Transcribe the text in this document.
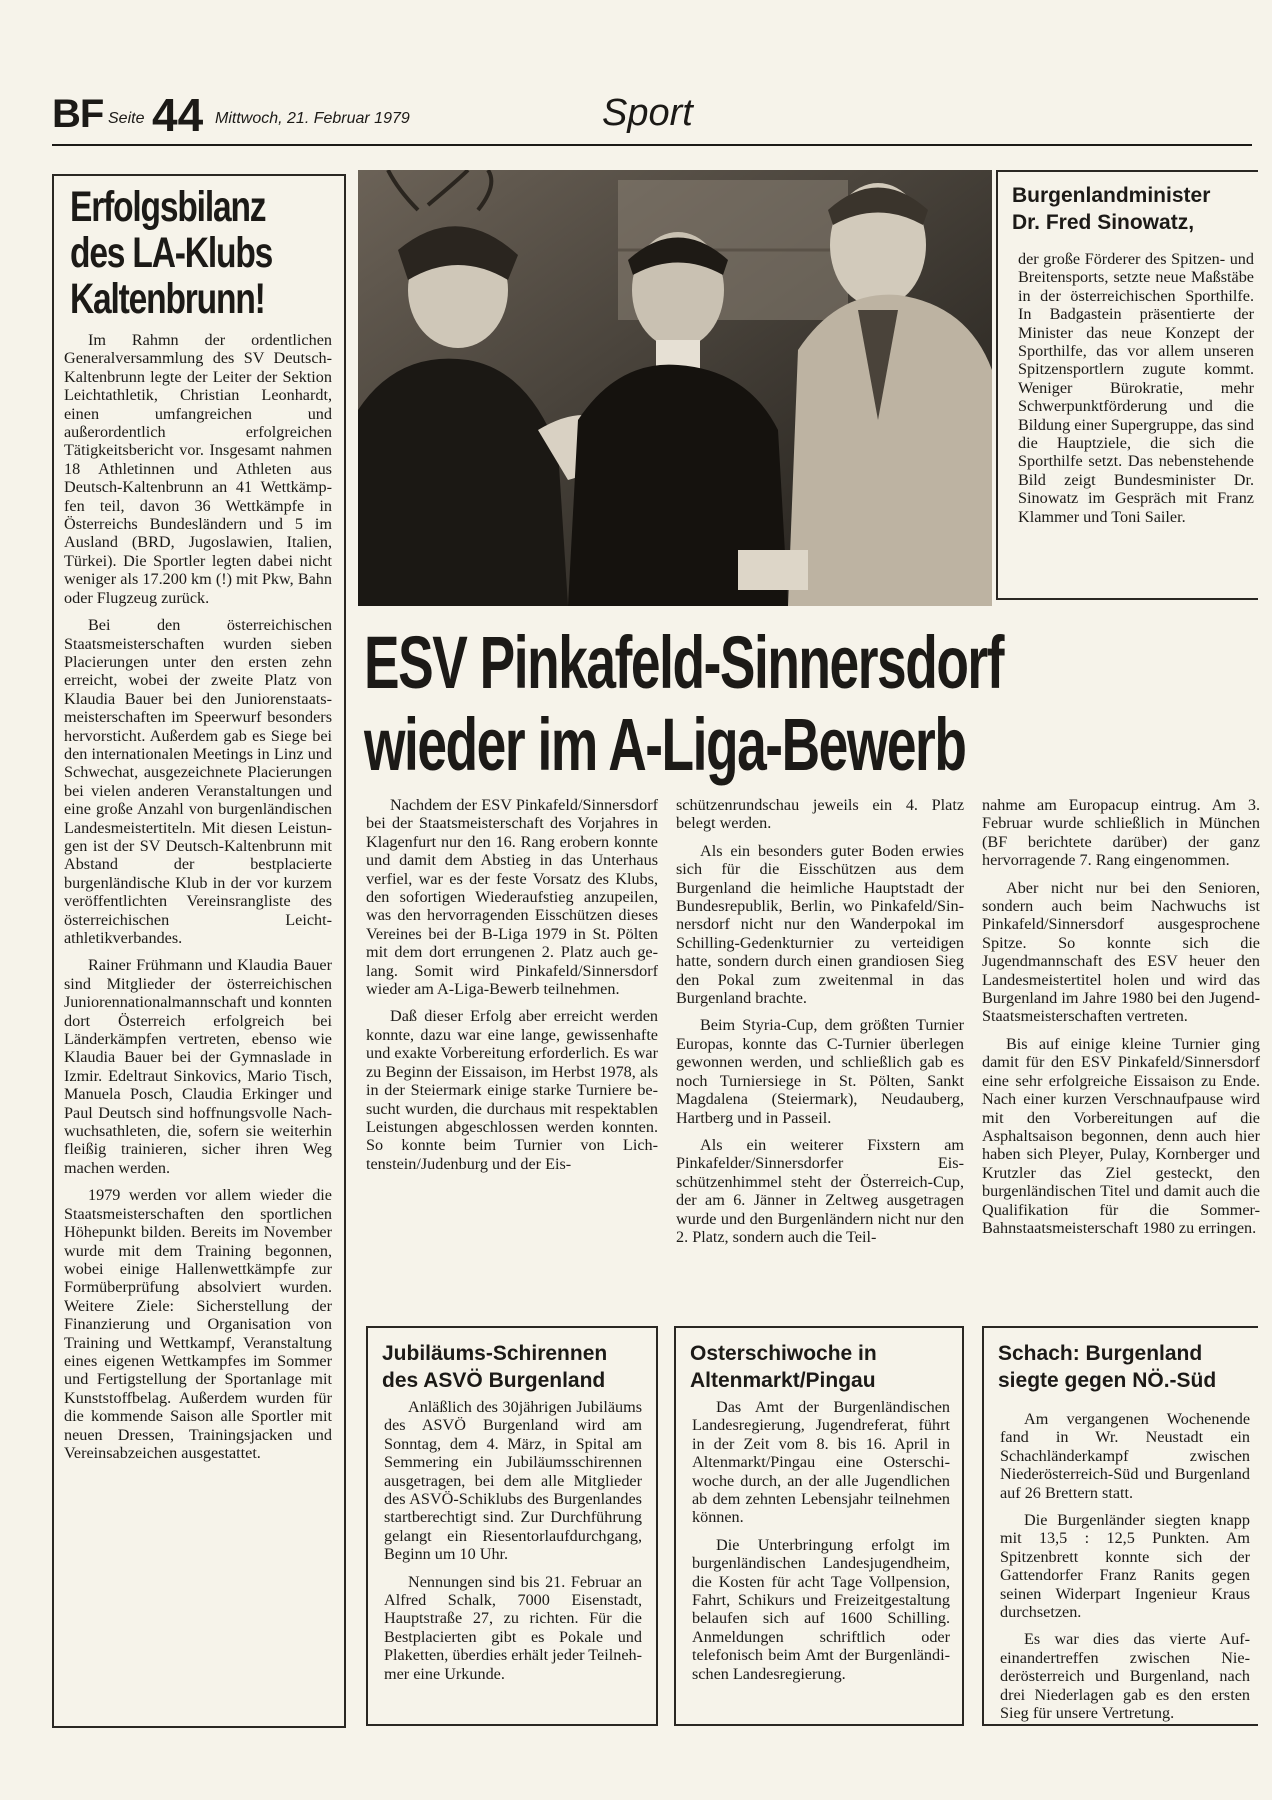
BF Seite 44 Mittwoch, 21. Februar 1979	Sport
Erfolgsbilanz
des LA-Klubs
Kaltenbrunn!

Im Rahmn der ordentlichen Generalversammlung des SV Deutsch-Kaltenbrunn legte der Leiter der Sektion Leichtathletik, Christian Leonhardt, einen umfangreichen und außerordentlich erfolgreichen Tätigkeitsbericht vor. Insgesamt nahmen 18 Athletinnen und Athleten aus Deutsch-Kaltenbrunn an 41 Wettkämpfen teil, davon 36 Wettkämpfe in Österreichs Bundesländern und 5 im Ausland (BRD, Jugoslawien, Italien, Türkei). Die Sportler legten dabei nicht weniger als 17.200 km (!) mit Pkw, Bahn oder Flugzeug zurück.

Bei den österreichischen Staatsmeisterschaften wurden sieben Placierungen unter den ersten zehn erreicht, wobei der zweite Platz von Klaudia Bauer bei den Juniorenstaatsmeisterschaften im Speerwurf besonders hervorsticht. Außerdem gab es Siege bei den internationalen Meetings in Linz und Schwechat, ausgezeichnete Placierungen bei vielen anderen Veranstaltungen und eine große Anzahl von burgenländischen Landesmeistertiteln. Mit diesen Leistungen ist der SV Deutsch-Kaltenbrunn mit Abstand der bestplacierte burgenländische Klub in der vor kurzem veröffentlichten Vereinsrangliste des österreichischen Leichtathletikverbandes.

Rainer Frühmann und Klaudia Bauer sind Mitglieder der österreichischen Juniorennationalmannschaft und konnten dort Österreich erfolgreich bei Länderkämpfen vertreten, ebenso wie Klaudia Bauer bei der Gymnaslade in Izmir. Edeltraut Sinkovics, Mario Tisch, Manuela Posch, Claudia Erkinger und Paul Deutsch sind hoffnungsvolle Nachwuchsathleten, die, sofern sie weiterhin fleißig trainieren, sicher ihren Weg machen werden.

1979 werden vor allem wieder die Staatsmeisterschaften den sportlichen Höhepunkt bilden. Bereits im November wurde mit dem Training begonnen, wobei einige Hallenwettkämpfe zur Formüberprüfung absolviert wurden. Weitere Ziele: Sicherstellung der Finanzierung und Organisation von Training und Wettkampf, Veranstaltung eines eigenen Wettkampfes im Sommer und Fertigstellung der Sportanlage mit Kunststoffbelag. Außerdem wurden für die kommende Saison alle Sportler mit neuen Dressen, Trainingsjacken und Vereinsabzeichen ausgestattet.

Burgenlandminister
Dr. Fred Sinowatz,

der große Förderer des Spitzen- und Breitensports, setzte neue Maßstäbe in der österreichischen Sporthilfe. In Badgastein präsentierte der Minister das neue Konzept der Sporthilfe, das vor allem unseren Spitzensportlern zugute kommt. Weniger Bürokratie, mehr Schwerpunktförderung und die Bildung einer Supergruppe, das sind die Hauptziele, die sich die Sporthilfe setzt. Das nebenstehende Bild zeigt Bundesminister Dr. Sinowatz im Gespräch mit Franz Klammer und Toni Sailer.

ESV Pinkafeld-Sinnersdorf
wieder im A-Liga-Bewerb

Nachdem der ESV Pinkafeld/Sinnersdorf bei der Staatsmeisterschaft des Vorjahres in Klagenfurt nur den 16. Rang erobern konnte und damit dem Abstieg in das Unterhaus verfiel, war es der feste Vorsatz des Klubs, den sofortigen Wiederaufstieg anzupeilen, was den hervorragenden Eisschützen dieses Vereines bei der B-Liga 1979 in St. Pölten mit dem dort errungenen 2. Platz auch gelang. Somit wird Pinkafeld/Sinnersdorf wieder am A-Liga-Bewerb teilnehmen.

Daß dieser Erfolg aber erreicht werden konnte, dazu war eine lange, gewissenhafte und exakte Vorbereitung erforderlich. Es war zu Beginn der Eissaison, im Herbst 1978, als in der Steiermark einige starke Turniere besucht wurden, die durchaus mit respektablen Leistungen abgeschlossen werden konnten. So konnte beim Turnier von Lichtenstein/Judenburg und der Eis-

schützenrundschau jeweils ein 4. Platz belegt werden.

Als ein besonders guter Boden erwies sich für die Eisschützen aus dem Burgenland die heimliche Hauptstadt der Bundesrepublik, Berlin, wo Pinkafeld/Sinnersdorf nicht nur den Wanderpokal im Schilling-Gedenkturnier zu verteidigen hatte, sondern durch einen grandiosen Sieg den Pokal zum zweitenmal in das Burgenland brachte.

Beim Styria-Cup, dem größten Turnier Europas, konnte das C-Turnier überlegen gewonnen werden, und schließlich gab es noch Turniersiege in St. Pölten, Sankt Magdalena (Steiermark), Neudauberg, Hartberg und in Passeil.

Als ein weiterer Fixstern am Pinkafelder/Sinnersdorfer Eisschützenhimmel steht der Österreich-Cup, der am 6. Jänner in Zeltweg ausgetragen wurde und den Burgenländern nicht nur den 2. Platz, sondern auch die Teil-

nahme am Europacup eintrug. Am 3. Februar wurde schließlich in München (BF berichtete darüber) der ganz hervorragende 7. Rang eingenommen.

Aber nicht nur bei den Senioren, sondern auch beim Nachwuchs ist Pinkafeld/Sinnersdorf ausgesprochene Spitze. So konnte sich die Jugendmannschaft des ESV heuer den Landesmeistertitel holen und wird das Burgenland im Jahre 1980 bei den Jugend-Staatsmeisterschaften vertreten.

Bis auf einige kleine Turnier ging damit für den ESV Pinkafeld/Sinnersdorf eine sehr erfolgreiche Eissaison zu Ende. Nach einer kurzen Verschnaufpause wird mit den Vorbereitungen auf die Asphaltsaison begonnen, denn auch hier haben sich Pleyer, Pulay, Kornberger und Krutzler das Ziel gesteckt, den burgenländischen Titel und damit auch die Qualifikation für die Sommer-Bahnstaatsmeisterschaft 1980 zu erringen.

Jubiläums-Schirennen
des ASVÖ Burgenland

Anläßlich des 30jährigen Jubiläums des ASVÖ Burgenland wird am Sonntag, dem 4. März, in Spital am Semmering ein Jubiläumsschirennen ausgetragen, bei dem alle Mitglieder des ASVÖ-Schiklubs des Burgenlandes startberechtigt sind. Zur Durchführung gelangt ein Riesentorlaufdurchgang, Beginn um 10 Uhr.

Nennungen sind bis 21. Februar an Alfred Schalk, 7000 Eisenstadt, Hauptstraße 27, zu richten. Für die Bestplacierten gibt es Pokale und Plaketten, überdies erhält jeder Teilnehmer eine Urkunde.

Osterschiwoche in
Altenmarkt/Pingau

Das Amt der Burgenländischen Landesregierung, Jugendreferat, führt in der Zeit vom 8. bis 16. April in Altenmarkt/Pingau eine Osterschiwoche durch, an der alle Jugendlichen ab dem zehnten Lebensjahr teilnehmen können.

Die Unterbringung erfolgt im burgenländischen Landesjugendheim, die Kosten für acht Tage Vollpension, Fahrt, Schikurs und Freizeitgestaltung belaufen sich auf 1600 Schilling. Anmeldungen schriftlich oder telefonisch beim Amt der Burgenländischen Landesregierung.

Schach: Burgenland
siegte gegen NÖ.-Süd

Am vergangenen Wochenende fand in Wr. Neustadt ein Schachländerkampf zwischen Niederösterreich-Süd und Burgenland auf 26 Brettern statt.

Die Burgenländer siegten knapp mit 13,5 : 12,5 Punkten. Am Spitzenbrett konnte sich der Gattendorfer Franz Ranits gegen seinen Widerpart Ingenieur Kraus durchsetzen.

Es war dies das vierte Aufeinandertreffen zwischen Niederösterreich und Burgenland, nach drei Niederlagen gab es den ersten Sieg für unsere Vertretung.
